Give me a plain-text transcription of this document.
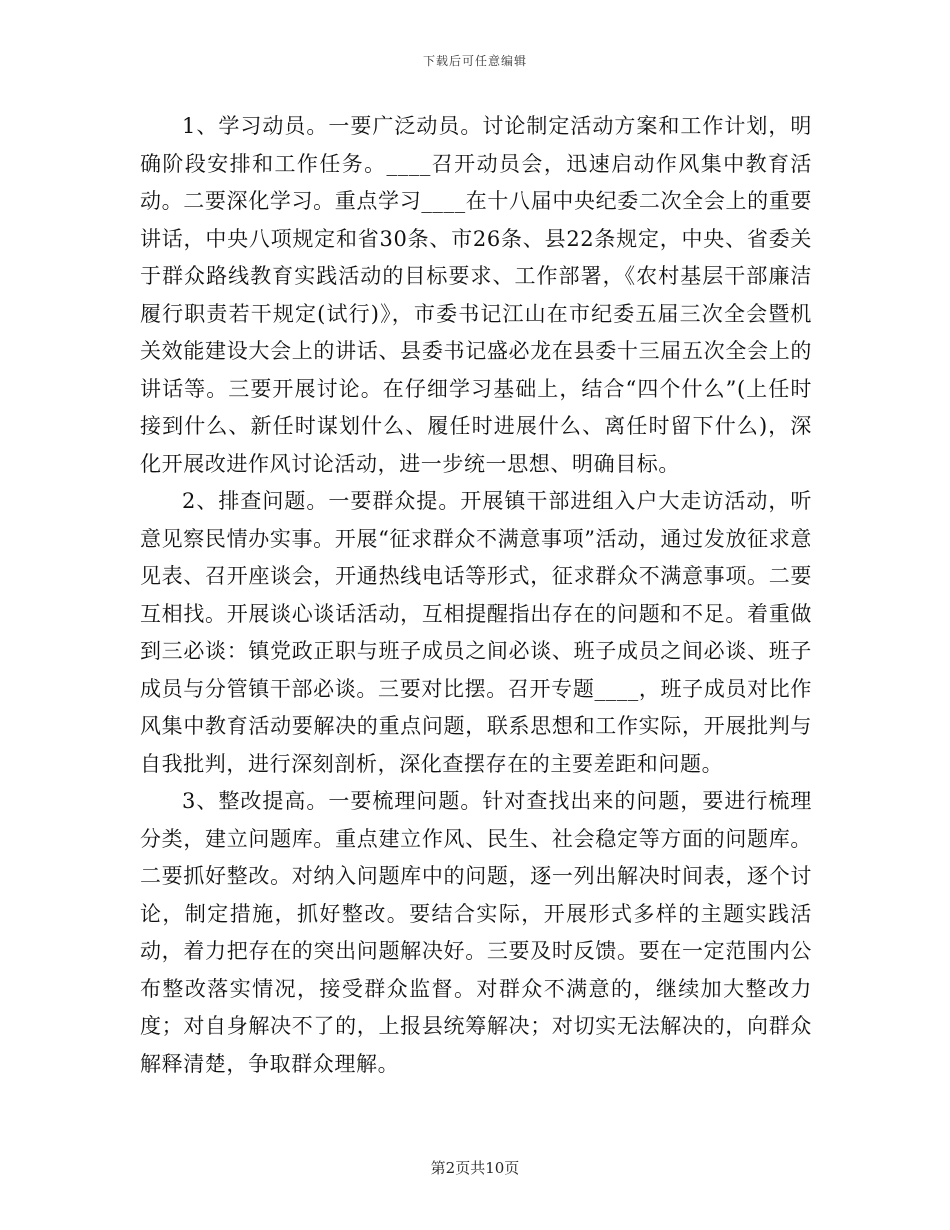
下载后可任意编辑

1、学习动员。一要广泛动员。讨论制定活动方案和工作计划，明确阶段安排和工作任务。____召开动员会，迅速启动作风集中教育活动。二要深化学习。重点学习____在十八届中央纪委二次全会上的重要讲话，中央八项规定和省30条、市26条、县22条规定，中央、省委关于群众路线教育实践活动的目标要求、工作部署，《农村基层干部廉洁履行职责若干规定(试行)》，市委书记江山在市纪委五届三次全会暨机关效能建设大会上的讲话、县委书记盛必龙在县委十三届五次全会上的讲话等。三要开展讨论。在仔细学习基础上，结合“四个什么”(上任时接到什么、新任时谋划什么、履任时进展什么、离任时留下什么)，深化开展改进作风讨论活动，进一步统一思想、明确目标。

2、排查问题。一要群众提。开展镇干部进组入户大走访活动，听意见察民情办实事。开展“征求群众不满意事项”活动，通过发放征求意见表、召开座谈会，开通热线电话等形式，征求群众不满意事项。二要互相找。开展谈心谈话活动，互相提醒指出存在的问题和不足。着重做到三必谈：镇党政正职与班子成员之间必谈、班子成员之间必谈、班子成员与分管镇干部必谈。三要对比摆。召开专题____，班子成员对比作风集中教育活动要解决的重点问题，联系思想和工作实际，开展批判与自我批判，进行深刻剖析，深化查摆存在的主要差距和问题。

3、整改提高。一要梳理问题。针对查找出来的问题，要进行梳理分类，建立问题库。重点建立作风、民生、社会稳定等方面的问题库。二要抓好整改。对纳入问题库中的问题，逐一列出解决时间表，逐个讨论，制定措施，抓好整改。要结合实际，开展形式多样的主题实践活动，着力把存在的突出问题解决好。三要及时反馈。要在一定范围内公布整改落实情况，接受群众监督。对群众不满意的，继续加大整改力度；对自身解决不了的，上报县统筹解决；对切实无法解决的，向群众解释清楚，争取群众理解。

第2页共10页
